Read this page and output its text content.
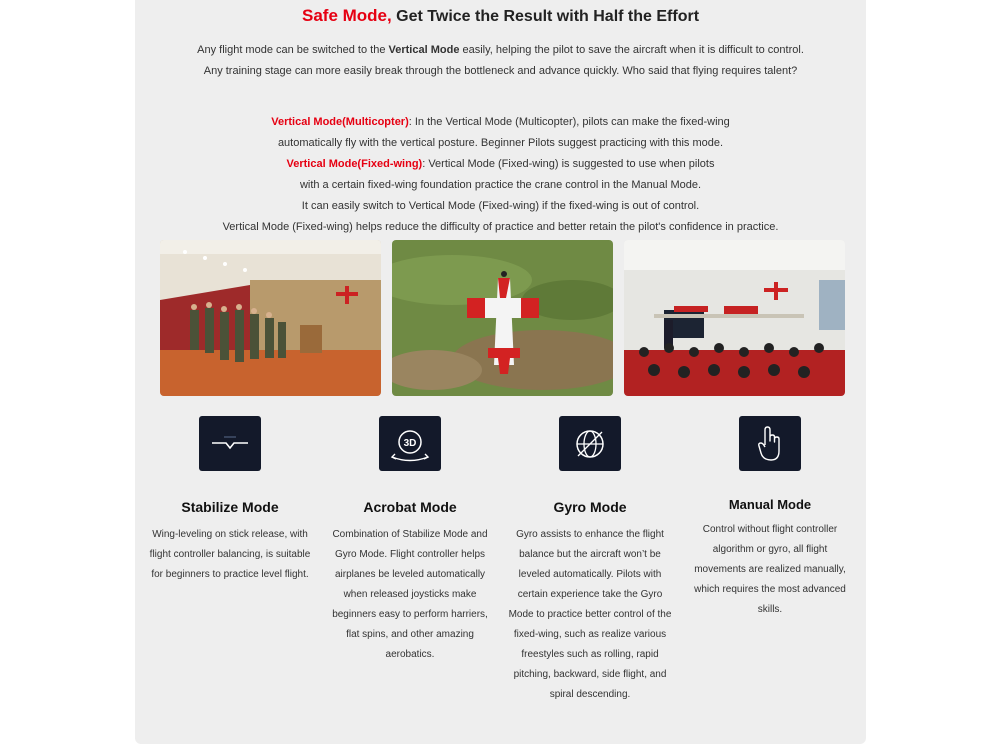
Safe Mode, Get Twice the Result with Half the Effort

Any flight mode can be switched to the Vertical Mode easily, helping the pilot to save the aircraft when it is difficult to control.

Any training stage can more easily break through the bottleneck and advance quickly. Who said that flying requires talent?

Vertical Mode(Multicopter): In the Vertical Mode (Multicopter), pilots can make the fixed-wing

automatically fly with the vertical posture. Beginner Pilots suggest practicing with this mode.

Vertical Mode(Fixed-wing): Vertical Mode (Fixed-wing) is suggested to use when pilots

with a certain fixed-wing foundation practice the crane control in the Manual Mode.

It can easily switch to Vertical Mode (Fixed-wing) if the fixed-wing is out of control.

Vertical Mode (Fixed-wing) helps reduce the difficulty of practice and better retain the pilot's confidence in practice.

Stabilize Mode
Wing-leveling on stick release, with flight controller balancing, is suitable for beginners to practice level flight.
3D
Acrobat Mode
Combination of Stabilize Mode and Gyro Mode. Flight controller helps airplanes be leveled automatically when released joysticks make beginners easy to perform harriers, flat spins, and other amazing aerobatics.
Gyro Mode
Gyro assists to enhance the flight balance but the aircraft won’t be leveled automatically. Pilots with certain experience take the Gyro Mode to practice better control of the fixed-wing, such as realize various freestyles such as rolling, rapid pitching, backward, side flight, and spiral descending.
Manual Mode
Control without flight controller algorithm or gyro, all flight movements are realized manually, which requires the most advanced skills.
